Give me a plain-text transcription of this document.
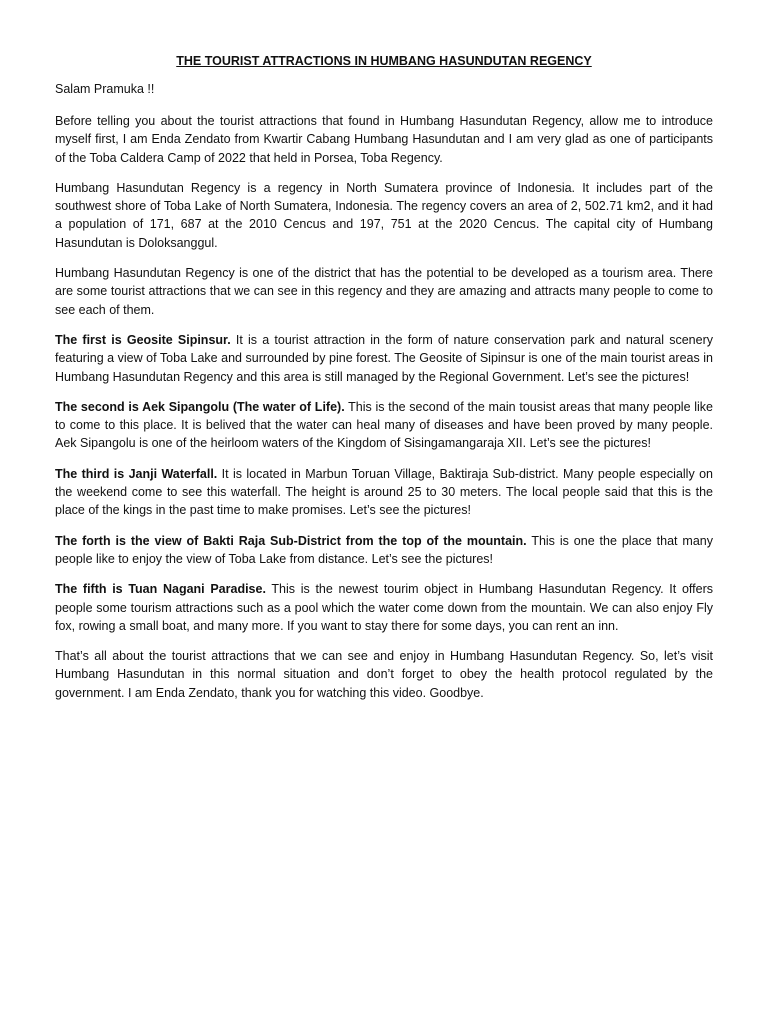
THE TOURIST ATTRACTIONS IN HUMBANG HASUNDUTAN REGENCY
Salam Pramuka !!

Before telling you about the tourist attractions that found in Humbang Hasundutan Regency, allow me to introduce myself first, I am Enda Zendato from Kwartir Cabang Humbang Hasundutan and I am very glad as one of participants of the Toba Caldera Camp of 2022 that held in Porsea, Toba Regency.

Humbang Hasundutan Regency is a regency in North Sumatera province of Indonesia. It includes part of the southwest shore of Toba Lake of North Sumatera, Indonesia. The regency covers an area of 2, 502.71 km2, and it had a population of 171, 687 at the 2010 Cencus and 197, 751 at the 2020 Cencus. The capital city of Humbang Hasundutan is Doloksanggul.

Humbang Hasundutan Regency is one of the district that has the potential to be developed as a tourism area. There are some tourist attractions that we can see in this regency and they are amazing and attracts many people to come to see each of them.

The first is Geosite Sipinsur. It is a tourist attraction in the form of nature conservation park and natural scenery featuring a view of Toba Lake and surrounded by pine forest. The Geosite of Sipinsur is one of the main tourist areas in Humbang Hasundutan Regency and this area is still managed by the Regional Government. Let’s see the pictures!

The second is Aek Sipangolu (The water of Life). This is the second of the main tousist areas that many people like to come to this place. It is belived that the water can heal many of diseases and have been proved by many people. Aek Sipangolu is one of the heirloom waters of the Kingdom of Sisingamangaraja XII. Let’s see the pictures!

The third is Janji Waterfall. It is located in Marbun Toruan Village, Baktiraja Sub-district. Many people especially on the weekend come to see this waterfall. The height is around 25 to 30 meters. The local people said that this is the place of the kings in the past time to make promises. Let’s see the pictures!

The forth is the view of Bakti Raja Sub-District from the top of the mountain. This is one the place that many people like to enjoy the view of Toba Lake from distance. Let’s see the pictures!

The fifth is Tuan Nagani Paradise. This is the newest tourim object in Humbang Hasundutan Regency. It offers people some tourism attractions such as a pool which the water come down from the mountain. We can also enjoy Fly fox, rowing a small boat, and many more. If you want to stay there for some days, you can rent an inn.

That’s all about the tourist attractions that we can see and enjoy in Humbang Hasundutan Regency. So, let’s visit Humbang Hasundutan in this normal situation and don’t forget to obey the health protocol regulated by the government. I am Enda Zendato, thank you for watching this video. Goodbye.
